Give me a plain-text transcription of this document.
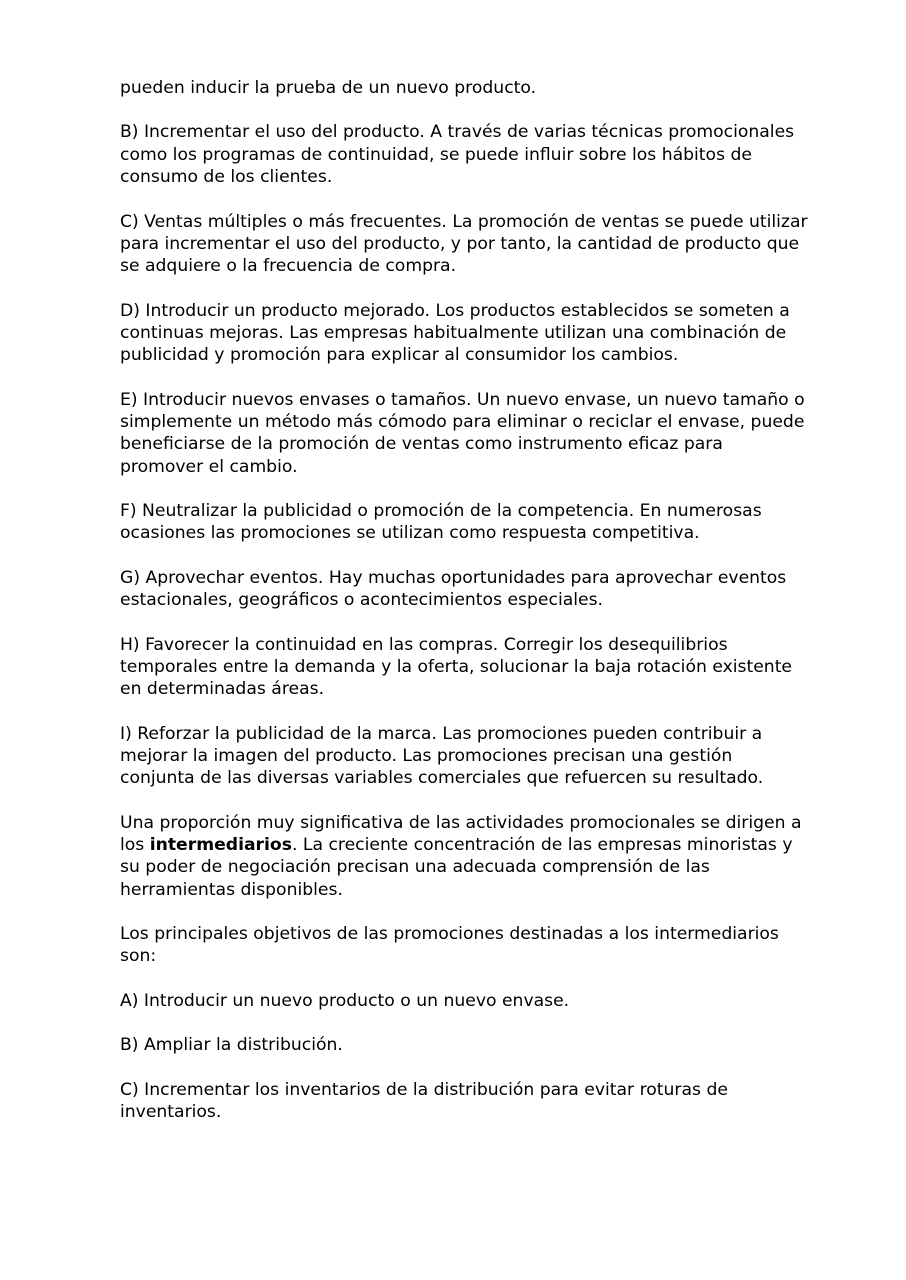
pueden inducir la prueba de un nuevo producto.

B) Incrementar el uso del producto. A través de varias técnicas promocionales como los programas de continuidad, se puede influir sobre los hábitos de consumo de los clientes.

C) Ventas múltiples o más frecuentes. La promoción de ventas se puede utilizar para incrementar el uso del producto, y por tanto, la cantidad de producto que se adquiere o la frecuencia de compra.

D) Introducir un producto mejorado. Los productos establecidos se someten a continuas mejoras. Las empresas habitualmente utilizan una combinación de publicidad y promoción para explicar al consumidor los cambios.

E) Introducir nuevos envases o tamaños. Un nuevo envase, un nuevo tamaño o simplemente un método más cómodo para eliminar o reciclar el envase, puede beneficiarse de la promoción de ventas como instrumento eficaz para promover el cambio.

F) Neutralizar la publicidad o promoción de la competencia. En numerosas ocasiones las promociones se utilizan como respuesta competitiva.

G) Aprovechar eventos. Hay muchas oportunidades para aprovechar eventos estacionales, geográficos o acontecimientos especiales.

H) Favorecer la continuidad en las compras. Corregir los desequilibrios temporales entre la demanda y la oferta, solucionar la baja rotación existente en determinadas áreas.

I) Reforzar la publicidad de la marca. Las promociones pueden contribuir a mejorar la imagen del producto. Las promociones precisan una gestión conjunta de las diversas variables comerciales que refuercen su resultado.

Una proporción muy significativa de las actividades promocionales se dirigen a los intermediarios. La creciente concentración de las empresas minoristas y su poder de negociación precisan una adecuada comprensión de las herramientas disponibles.

Los principales objetivos de las promociones destinadas a los intermediarios son:

A) Introducir un nuevo producto o un nuevo envase.

B) Ampliar la distribución.

C) Incrementar los inventarios de la distribución para evitar roturas de inventarios.
